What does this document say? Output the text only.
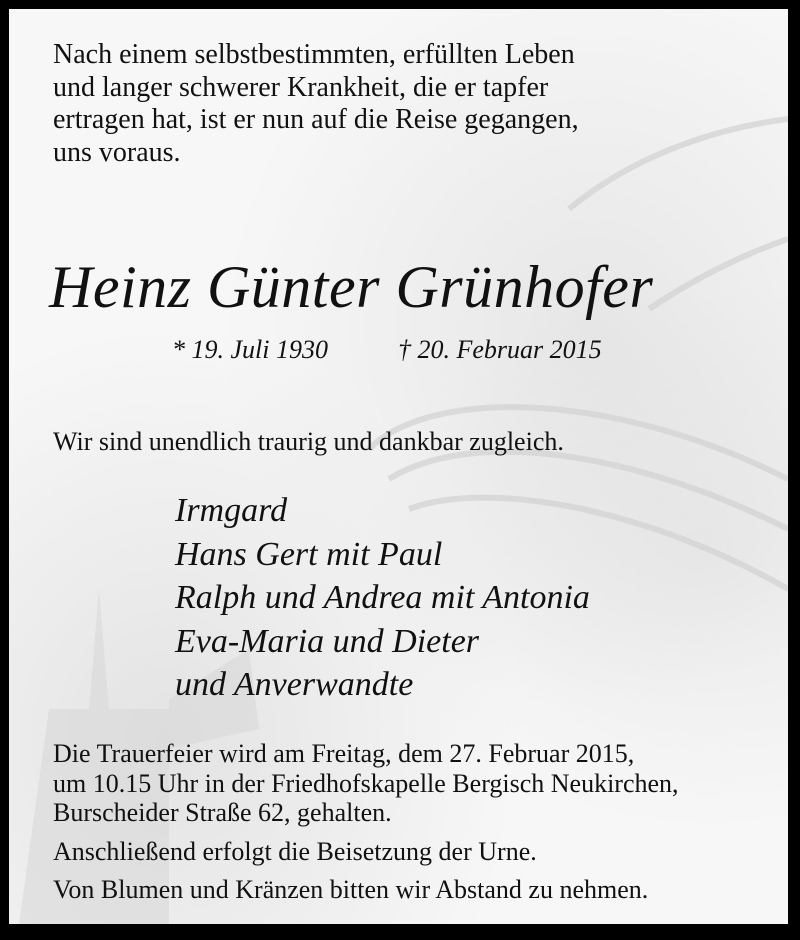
Nach einem selbstbestimmten, erfüllten Leben
und langer schwerer Krankheit, die er tapfer
ertragen hat, ist er nun auf die Reise gegangen,
uns voraus.
Heinz Günter Grünhofer
* 19. Juli 1930	† 20. Februar 2015
Wir sind unendlich traurig und dankbar zugleich.
Irmgard
Hans Gert mit Paul
Ralph und Andrea mit Antonia
Eva-Maria und Dieter
und Anverwandte
Die Trauerfeier wird am Freitag, dem 27. Februar 2015,
um 10.15 Uhr in der Friedhofskapelle Bergisch Neukirchen,
Burscheider Straße 62, gehalten.
Anschließend erfolgt die Beisetzung der Urne.
Von Blumen und Kränzen bitten wir Abstand zu nehmen.
